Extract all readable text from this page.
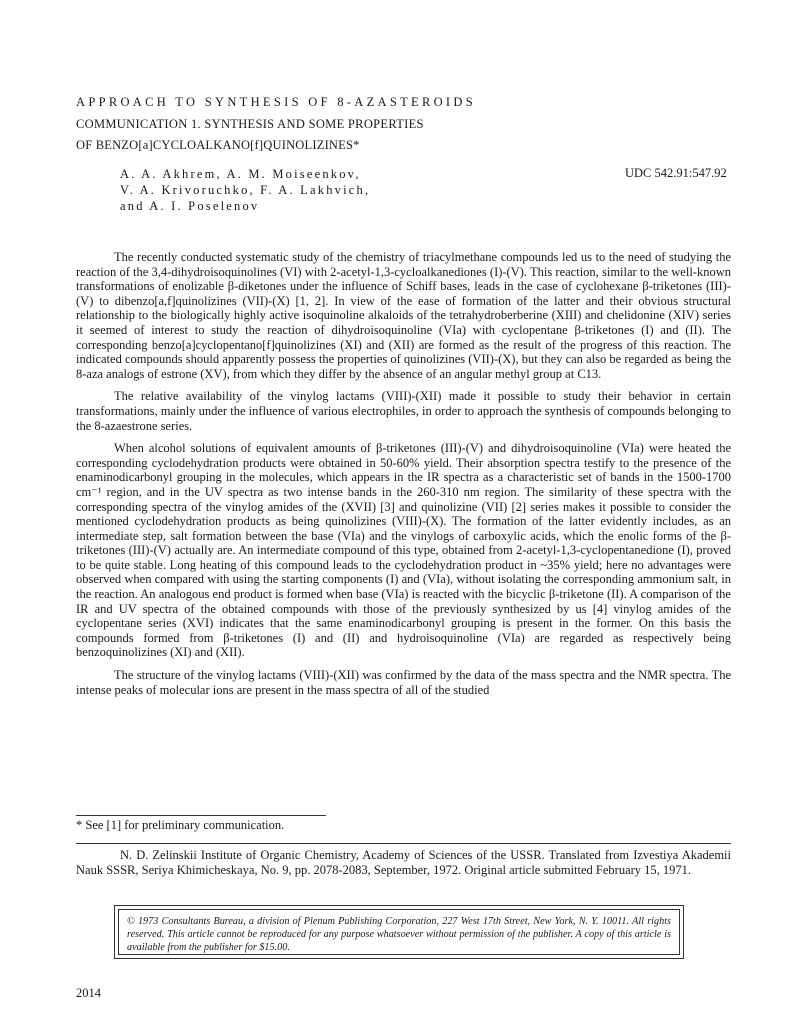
APPROACH TO SYNTHESIS OF 8-AZASTEROIDS
COMMUNICATION 1. SYNTHESIS AND SOME PROPERTIES
OF BENZO[a]CYCLOALKANO[f]QUINOLIZINES*
A. A. Akhrem, A. M. Moiseenkov,
V. A. Krivoruchko, F. A. Lakhvich,
and A. I. Poselenov
UDC 542.91:547.92

The recently conducted systematic study of the chemistry of triacylmethane compounds led us to the need of studying the reaction of the 3,4-dihydroisoquinolines (VI) with 2-acetyl-1,3-cycloalkanediones (I)-(V). This reaction, similar to the well-known transformations of enolizable β-diketones under the influence of Schiff bases, leads in the case of cyclohexane β-triketones (III)-(V) to dibenzo[a,f]quinolizines (VII)-(X) [1, 2]. In view of the ease of formation of the latter and their obvious structural relationship to the biologically highly active isoquinoline alkaloids of the tetrahydroberberine (XIII) and chelidonine (XIV) series it seemed of interest to study the reaction of dihydroisoquinoline (VIa) with cyclopentane β-triketones (I) and (II). The corresponding benzo[a]cyclopentano[f]quinolizines (XI) and (XII) are formed as the result of the progress of this reaction. The indicated compounds should apparently possess the properties of quinolizines (VII)-(X), but they can also be regarded as being the 8-aza analogs of estrone (XV), from which they differ by the absence of an angular methyl group at C13.

The relative availability of the vinylog lactams (VIII)-(XII) made it possible to study their behavior in certain transformations, mainly under the influence of various electrophiles, in order to approach the synthesis of compounds belonging to the 8-azaestrone series.

When alcohol solutions of equivalent amounts of β-triketones (III)-(V) and dihydroisoquinoline (VIa) were heated the corresponding cyclodehydration products were obtained in 50-60% yield. Their absorption spectra testify to the presence of the enaminodicarbonyl grouping in the molecules, which appears in the IR spectra as a characteristic set of bands in the 1500-1700 cm⁻¹ region, and in the UV spectra as two intense bands in the 260-310 nm region. The similarity of these spectra with the corresponding spectra of the vinylog amides of the (XVII) [3] and quinolizine (VII) [2] series makes it possible to consider the mentioned cyclodehydration products as being quinolizines (VIII)-(X). The formation of the latter evidently includes, as an intermediate step, salt formation between the base (VIa) and the vinylogs of carboxylic acids, which the enolic forms of the β-triketones (III)-(V) actually are. An intermediate compound of this type, obtained from 2-acetyl-1,3-cyclopentanedione (I), proved to be quite stable. Long heating of this compound leads to the cyclodehydration product in ~35% yield; here no advantages were observed when compared with using the starting components (I) and (VIa), without isolating the corresponding ammonium salt, in the reaction. An analogous end product is formed when base (VIa) is reacted with the bicyclic β-triketone (II). A comparison of the IR and UV spectra of the obtained compounds with those of the previously synthesized by us [4] vinylog amides of the cyclopentane series (XVI) indicates that the same enaminodicarbonyl grouping is present in the former. On this basis the compounds formed from β-triketones (I) and (II) and hydroisoquinoline (VIa) are regarded as respectively being benzoquinolizines (XI) and (XII).

The structure of the vinylog lactams (VIII)-(XII) was confirmed by the data of the mass spectra and the NMR spectra. The intense peaks of molecular ions are present in the mass spectra of all of the studied

* See [1] for preliminary communication.
N. D. Zelinskii Institute of Organic Chemistry, Academy of Sciences of the USSR. Translated from Izvestiya Akademii Nauk SSSR, Seriya Khimicheskaya, No. 9, pp. 2078-2083, September, 1972. Original article submitted February 15, 1971.
© 1973 Consultants Bureau, a division of Plenum Publishing Corporation, 227 West 17th Street, New York, N. Y. 10011. All rights reserved. This article cannot be reproduced for any purpose whatsoever without permission of the publisher. A copy of this article is available from the publisher for $15.00.
2014
